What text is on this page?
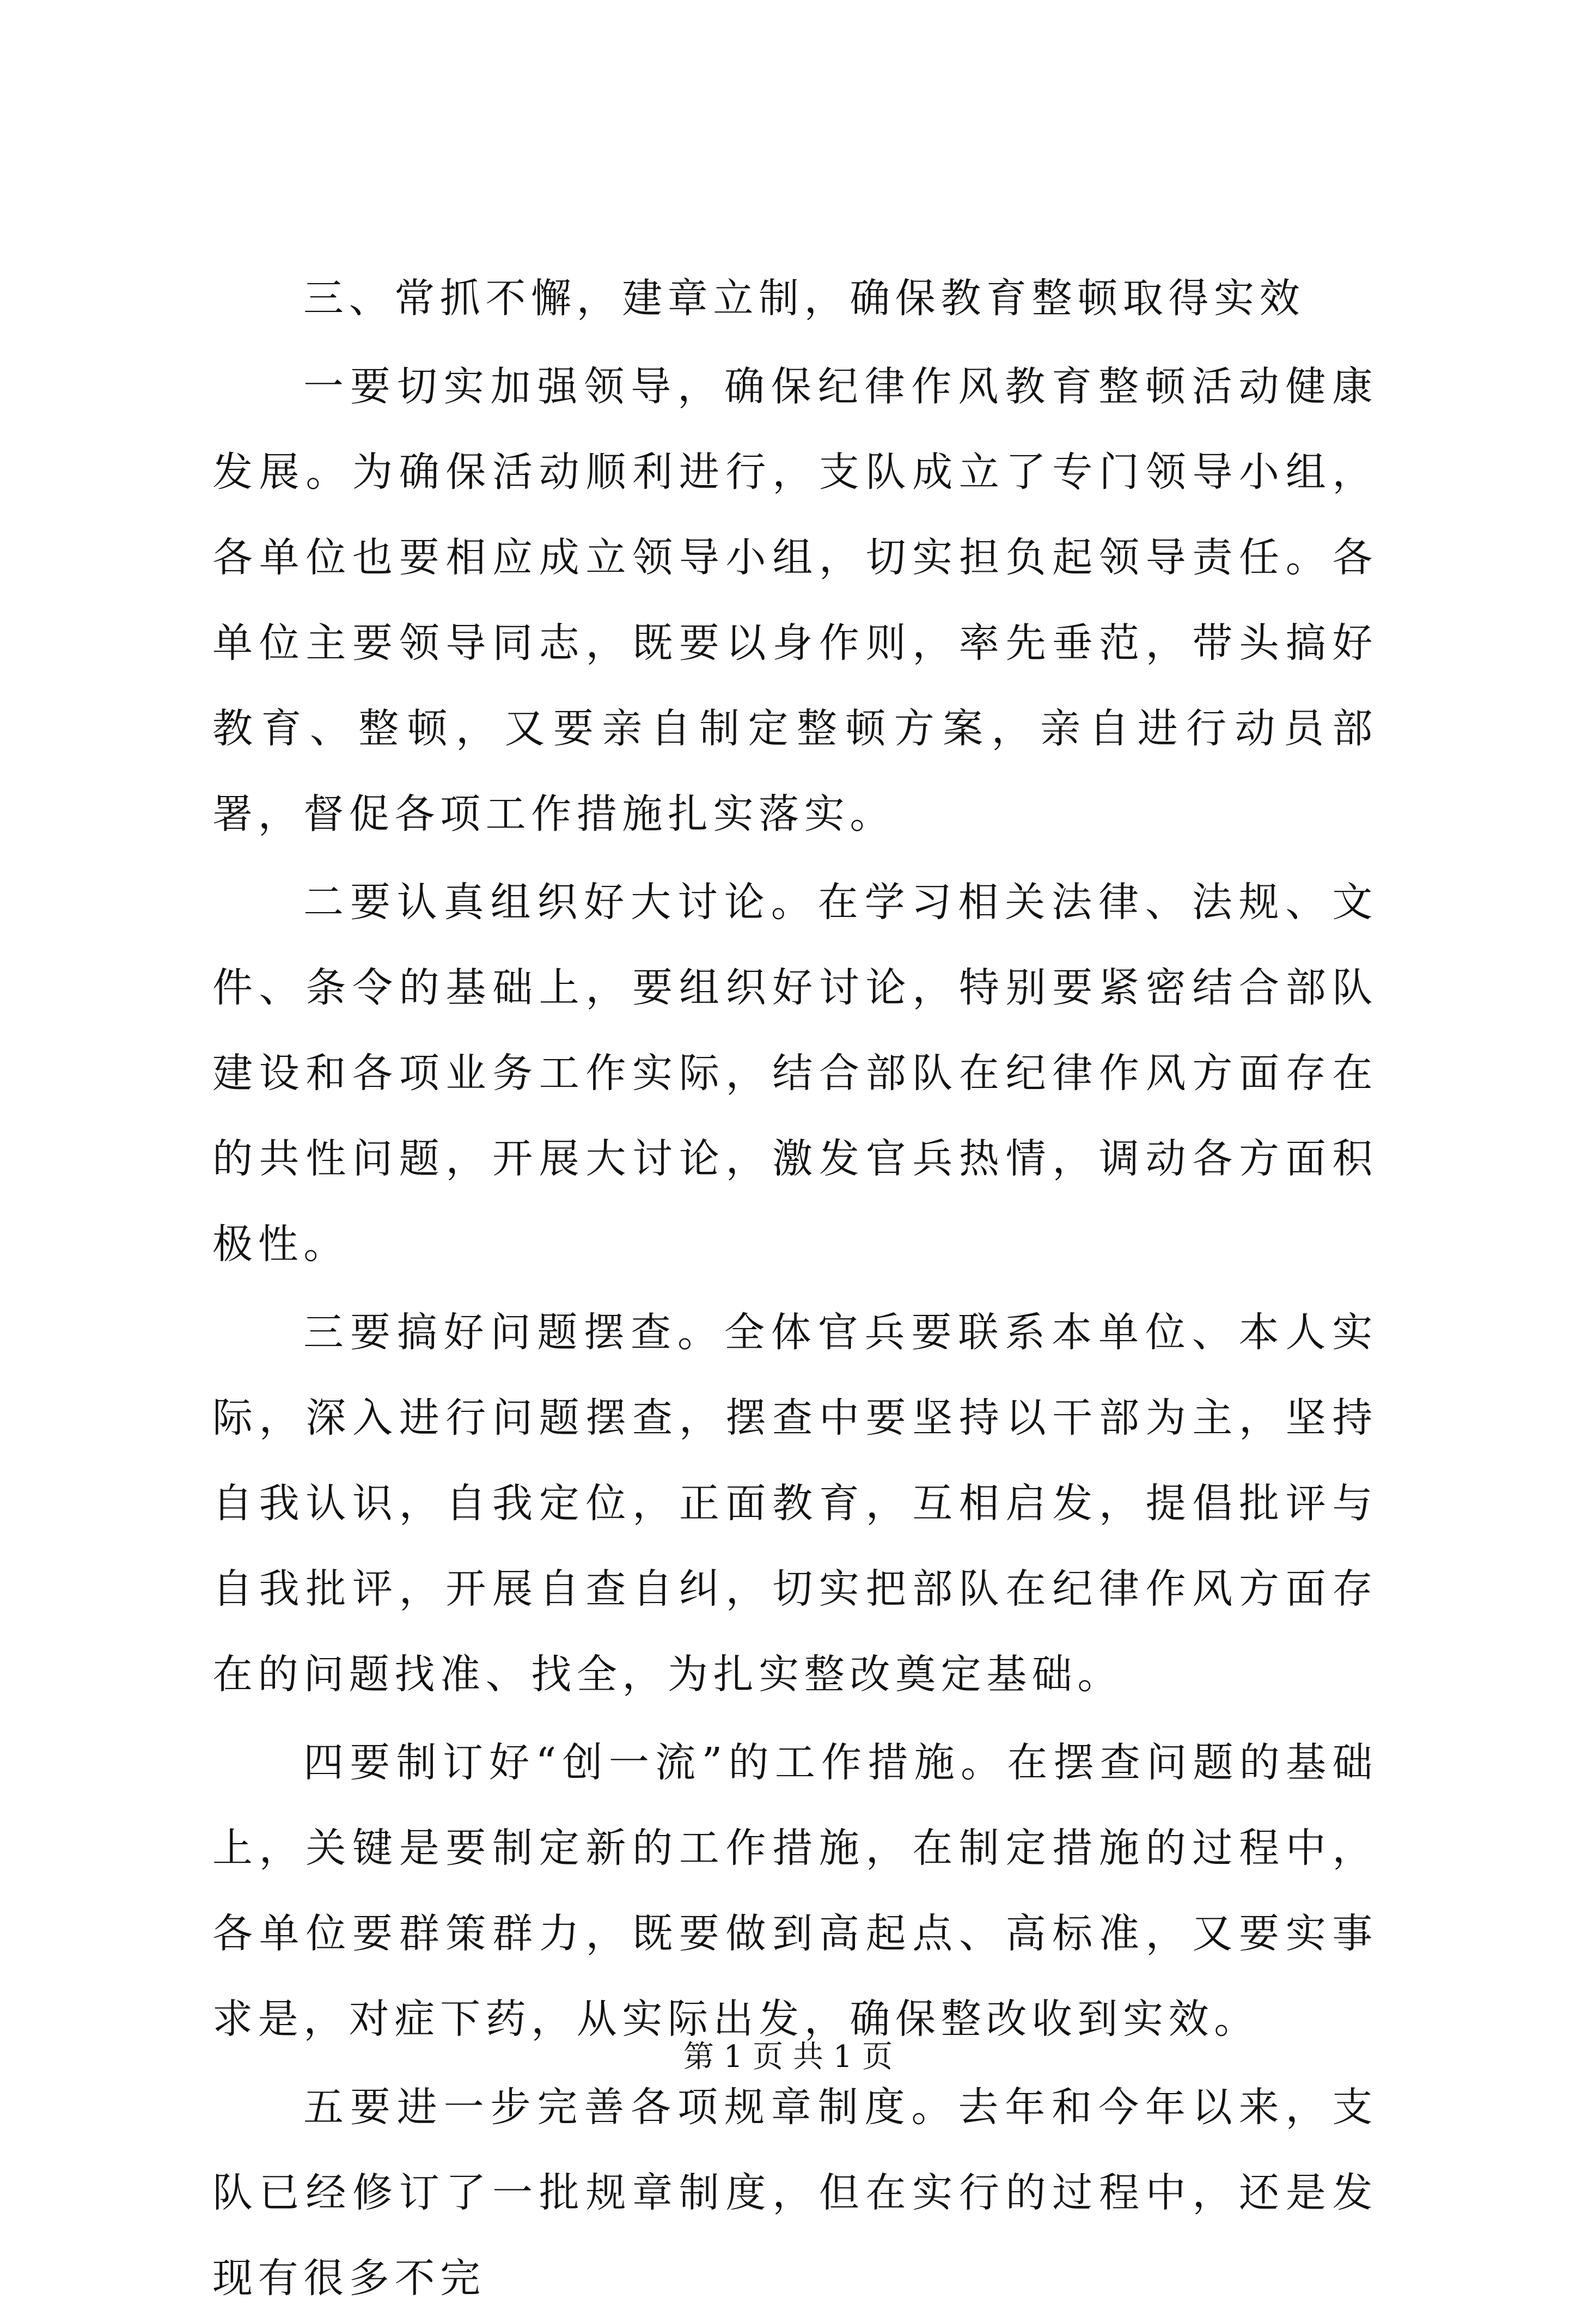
三、常抓不懈，建章立制，确保教育整顿取得实效

一要切实加强领导，确保纪律作风教育整顿活动健康发展。为确保活动顺利进行，支队成立了专门领导小组，各单位也要相应成立领导小组，切实担负起领导责任。各单位主要领导同志，既要以身作则，率先垂范，带头搞好教育、整顿，又要亲自制定整顿方案，亲自进行动员部署，督促各项工作措施扎实落实。

二要认真组织好大讨论。在学习相关法律、法规、文件、条令的基础上，要组织好讨论，特别要紧密结合部队建设和各项业务工作实际，结合部队在纪律作风方面存在的共性问题，开展大讨论，激发官兵热情，调动各方面积极性。

三要搞好问题摆查。全体官兵要联系本单位、本人实际，深入进行问题摆查，摆查中要坚持以干部为主，坚持自我认识，自我定位，正面教育，互相启发，提倡批评与自我批评，开展自查自纠，切实把部队在纪律作风方面存在的问题找准、找全，为扎实整改奠定基础。

四要制订好“创一流”的工作措施。在摆查问题的基础上，关键是要制定新的工作措施，在制定措施的过程中，各单位要群策群力，既要做到高起点、高标准，又要实事求是，对症下药，从实际出发，确保整改收到实效。

五要进一步完善各项规章制度。去年和今年以来，支队已经修订了一批规章制度，但在实行的过程中，还是发现有很多不完

第 1 页 共 1 页
